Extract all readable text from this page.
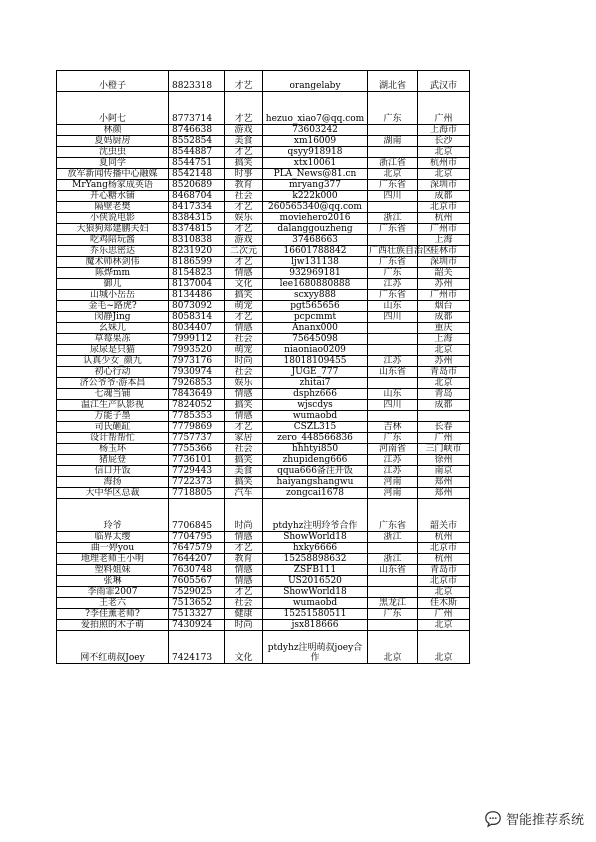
小橙子	8823318	才艺	orangelaby	湖北省	武汉市
小阿七	8773714	才艺	hezuo_xiao7@qq.com	广东	广州
林颜	8746638	游戏	73603242		上海市
夏妈厨房	8552854	美食	xm16009	湖南	长沙
沈虫虫	8544887	才艺	qsyy918918		北京
夏同学	8544751	搞笑	xtx10061	浙江省	杭州市
放军新闻传播中心融媒	8542148	时事	PLA_News@81.cn	北京	北京
MrYang杨家成英语	8520689	教育	mryang377	广东省	深圳市
开心糖水铺	8468704	社会	k222k000	四川	成都
隔壁老樊	8417334	才艺	260565340@qq.com		北京市
小侠说电影	8384315	娱乐	moviehero2016	浙江	杭州
大狼狗郑建鹏夫妇	8374815	才艺	dalanggouzheng	广东省	广州市
吃鸡陪玩酱	8310838	游戏	37468663		上海
乔乐思密达	8231920	二次元	16601788842	广西壮族自治区	桂林市
魔术师林剑伟	8186599	才艺	ljw131138	广东省	深圳市
陈烨mm	8154823	情感	932969181	广东	韶关
御儿	8137004	文化	lee1680880888	江苏	苏州
山城小岳岳	8134486	搞笑	scxyy888	广东省	广州市
金毛~路虎?	8073092	萌宠	pgt565656	山东	烟台
闵静Jing	8058314	才艺	pcpcmmt	四川	成都
幺妹儿	8034407	情感	Ananx000		重庆
草莓果冻	7999112	社会	75645098		上海
尿尿是只猫	7993520	萌宠	niaoniao0209		北京
认真少女_颜九	7973176	时尚	18018109455	江苏	苏州
初心行动	7930974	社会	JUGE_777	山东省	青岛市
济公爷爷·游本昌	7926853	娱乐	zhitai7		北京
七魂当铺	7843649	情感	dsphz666	山东	青岛
温江生产队影视	7824052	搞笑	wjscdys	四川	成都
万能子墨	7785353	情感	wumaobd		
司氏砸缸	7779869	才艺	CSZL315	吉林	长春
设计帮帮忙	7757737	家居	zero_448566836	广东	广州
杨玉环	7755366	社会	hhhtyi850	河南省	三门峡市
猪屁登	7736101	搞笑	zhupideng666	江苏	徐州
信口开饭	7729443	美食	qqua666备注开饭	江苏	南京
海扬	7722373	搞笑	haiyangshangwu	河南	郑州
大中华区总裁	7718805	汽车	zongcai1678	河南	郑州
玲爷	7706845	时尚	ptdyhz注明玲爷合作	广东省	韶关市
临界太缨	7704795	情感	ShowWorld18	浙江	杭州
曲一婷you	7647579	才艺	hxky6666		北京市
地理老师王小明	7644207	教育	15258898632	浙江	杭州
塑料姐妹	7630748	情感	ZSFB111	山东省	青岛市
张琳	7605567	情感	US2016520		北京市
李雨霏2007	7529025	才艺	ShowWorld18		北京
王老六	7513652	社会	wumaobd	黑龙江	佳木斯
?李佳薰老师?	7513327	健康	15251580511	广东	广州
爱拍照的木子萌	7430924	时尚	jsx818666		北京
网不红萌叔Joey	7424173	文化	ptdyhz注明萌叔joey合作	北京	北京
智能推荐系统
